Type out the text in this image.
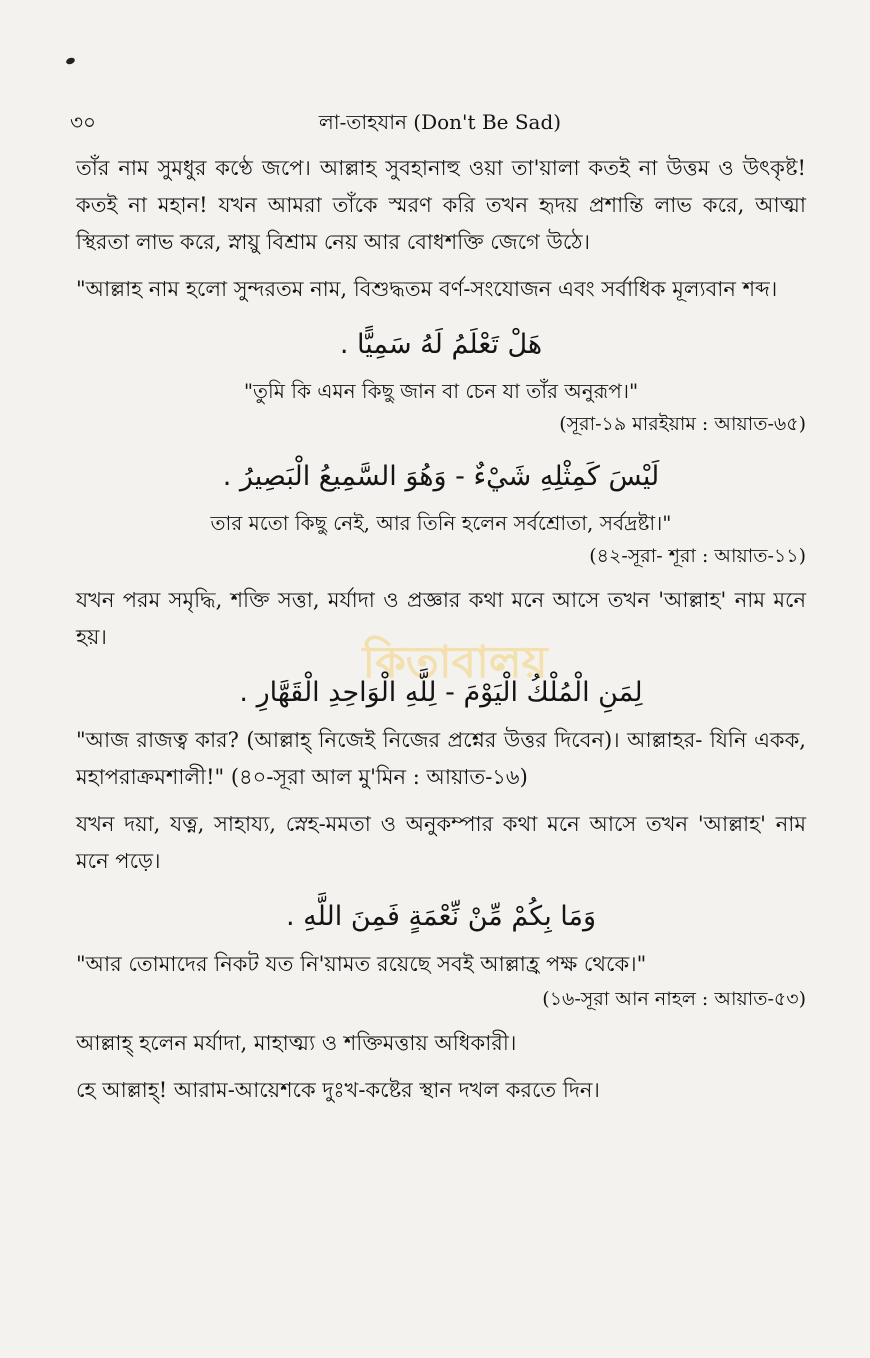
৩০	লা-তাহযান (Don't Be Sad)
কিতাবালয়

তাঁর নাম সুমধুর কণ্ঠে জপে। আল্লাহ সুবহানাহু ওয়া তা'য়ালা কতই না উত্তম ও উৎকৃষ্ট! কতই না মহান! যখন আমরা তাঁকে স্মরণ করি তখন হৃদয় প্রশান্তি লাভ করে, আত্মা স্থিরতা লাভ করে, স্নায়ু বিশ্রাম নেয় আর বোধশক্তি জেগে উঠে।

"আল্লাহ নাম হলো সুন্দরতম নাম, বিশুদ্ধতম বর্ণ-সংযোজন এবং সর্বাধিক মূল্যবান শব্দ।

هَلْ تَعْلَمُ لَهُ سَمِيًّا .
"তুমি কি এমন কিছু জান বা চেন যা তাঁর অনুরূপ।"
(সূরা-১৯ মারইয়াম : আয়াত-৬৫)
لَيْسَ كَمِثْلِهِ شَيْءٌ - وَهُوَ السَّمِيعُ الْبَصِيرُ .
তার মতো কিছু নেই, আর তিনি হলেন সর্বশ্রোতা, সর্বদ্রষ্টা।"
(৪২-সূরা- শূরা : আয়াত-১১)

যখন পরম সমৃদ্ধি, শক্তি সত্তা, মর্যাদা ও প্রজ্ঞার কথা মনে আসে তখন 'আল্লাহ' নাম মনে হয়।

لِمَنِ الْمُلْكُ الْيَوْمَ - لِلَّهِ الْوَاحِدِ الْقَهَّارِ .

"আজ রাজত্ব কার? (আল্লাহ্ নিজেই নিজের প্রশ্নের উত্তর দিবেন)। আল্লাহর- যিনি একক, মহাপরাক্রমশালী!" (৪০-সূরা আল মু'মিন : আয়াত-১৬)

যখন দয়া, যত্ন, সাহায্য, স্নেহ-মমতা ও অনুকম্পার কথা মনে আসে তখন 'আল্লাহ' নাম মনে পড়ে।

وَمَا بِكُمْ مِّنْ نِّعْمَةٍ فَمِنَ اللَّهِ .

"আর তোমাদের নিকট যত নি'য়ামত রয়েছে সবই আল্লাহ্র পক্ষ থেকে।"

(১৬-সূরা আন নাহল : আয়াত-৫৩)

আল্লাহ্ হলেন মর্যাদা, মাহাত্ম্য ও শক্তিমত্তায় অধিকারী।

হে আল্লাহ্! আরাম-আয়েশকে দুঃখ-কষ্টের স্থান দখল করতে দিন।
